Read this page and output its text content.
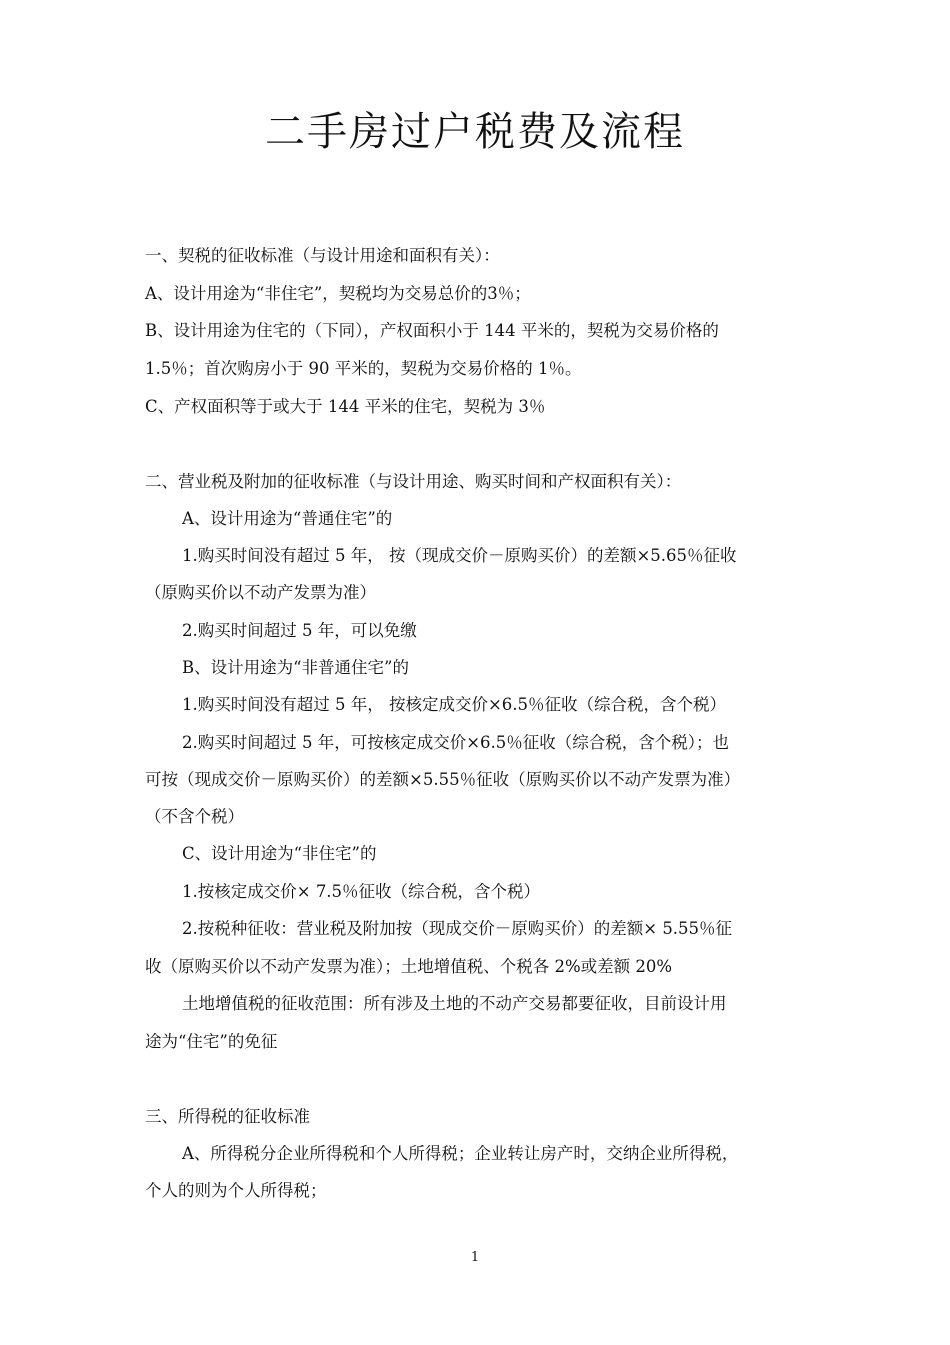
二手房过户税费及流程
一、契税的征收标准（与设计用途和面积有关）：
A、设计用途为“非住宅”，契税均为交易总价的3％；
B、设计用途为住宅的（下同），产权面积小于 144 平米的，契税为交易价格的
1.5％；首次购房小于 90 平米的，契税为交易价格的 1％。
C、产权面积等于或大于 144 平米的住宅，契税为 3％
二、营业税及附加的征收标准（与设计用途、购买时间和产权面积有关）：
A、设计用途为“普通住宅”的
1.购买时间没有超过 5 年， 按（现成交价－原购买价）的差额×5.65％征收
（原购买价以不动产发票为准）
2.购买时间超过 5 年，可以免缴
B、设计用途为“非普通住宅”的
1.购买时间没有超过 5 年， 按核定成交价×6.5％征收（综合税，含个税）
2.购买时间超过 5 年，可按核定成交价×6.5％征收（综合税，含个税）；也
可按（现成交价－原购买价）的差额×5.55％征收（原购买价以不动产发票为准）
（不含个税）
C、设计用途为“非住宅”的
1.按核定成交价× 7.5％征收（综合税，含个税）
2.按税种征收：营业税及附加按（现成交价－原购买价）的差额× 5.55％征
收（原购买价以不动产发票为准）；土地增值税、个税各 2%或差额 20%
土地增值税的征收范围：所有涉及土地的不动产交易都要征收，目前设计用
途为“住宅”的免征
三、所得税的征收标准
A、所得税分企业所得税和个人所得税；企业转让房产时，交纳企业所得税，
个人的则为个人所得税；
1
